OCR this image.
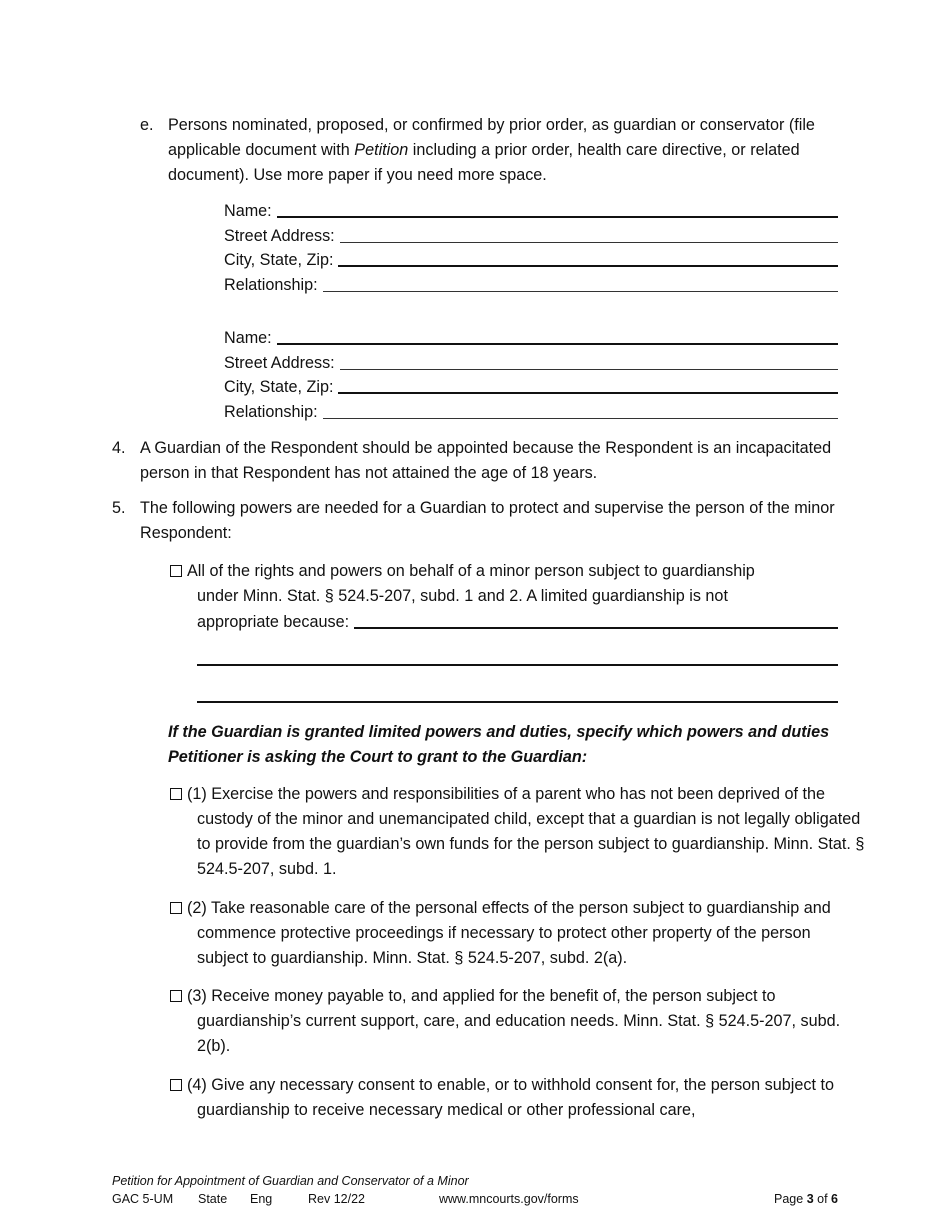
e. Persons nominated, proposed, or confirmed by prior order, as guardian or conservator (file applicable document with Petition including a prior order, health care directive, or related document). Use more paper if you need more space.
Name:
Street Address:
City, State, Zip:
Relationship:
Name:
Street Address:
City, State, Zip:
Relationship:
4. A Guardian of the Respondent should be appointed because the Respondent is an incapacitated person in that Respondent has not attained the age of 18 years.
5. The following powers are needed for a Guardian to protect and supervise the person of the minor Respondent:
All of the rights and powers on behalf of a minor person subject to guardianship
under Minn. Stat. § 524.5-207, subd. 1 and 2. A limited guardianship is not
appropriate because:
If the Guardian is granted limited powers and duties, specify which powers and duties Petitioner is asking the Court to grant to the Guardian:
(1) Exercise the powers and responsibilities of a parent who has not been deprived of the custody of the minor and unemancipated child, except that a guardian is not legally obligated to provide from the guardian’s own funds for the person subject to guardianship. Minn. Stat. § 524.5-207, subd. 1.
(2) Take reasonable care of the personal effects of the person subject to guardianship and commence protective proceedings if necessary to protect other property of the person subject to guardianship. Minn. Stat. § 524.5-207, subd. 2(a).
(3) Receive money payable to, and applied for the benefit of, the person subject to guardianship’s current support, care, and education needs. Minn. Stat. § 524.5-207, subd. 2(b).
(4) Give any necessary consent to enable, or to withhold consent for, the person subject to guardianship to receive necessary medical or other professional care,
Petition for Appointment of Guardian and Conservator of a Minor
GAC 5-UM State Eng	Rev 12/22	www.mncourts.gov/forms	Page 3 of 6
